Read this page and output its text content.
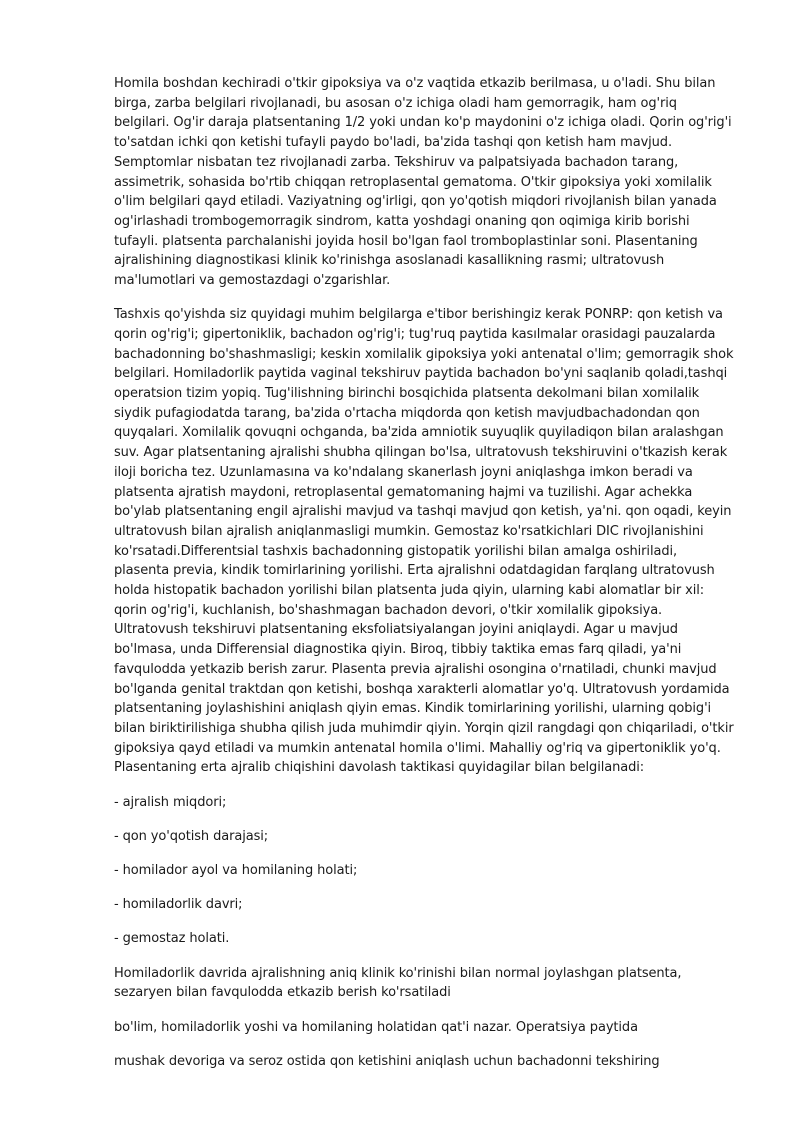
Homila boshdan kechiradi o'tkir gipoksiya va o'z vaqtida etkazib berilmasa, u o'ladi. Shu bilan birga, zarba belgilari rivojlanadi, bu asosan o'z ichiga oladi ham gemorragik, ham og'riq belgilari. Og'ir daraja platsentaning 1/2 yoki undan ko'p maydonini o'z ichiga oladi. Qorin og'rig'i to'satdan ichki qon ketishi tufayli paydo bo'ladi, ba'zida tashqi qon ketish ham mavjud. Semptomlar nisbatan tez rivojlanadi zarba. Tekshiruv va palpatsiyada bachadon tarang, assimetrik, sohasida bo'rtib chiqqan retroplasental gematoma. O'tkir gipoksiya yoki xomilalik o'lim belgilari qayd etiladi. Vaziyatning og'irligi, qon yo'qotish miqdori rivojlanish bilan yanada og'irlashadi trombogemorragik sindrom, katta yoshdagi onaning qon oqimiga kirib borishi tufayli. platsenta parchalanishi joyida hosil bo'lgan faol tromboplastinlar soni. Plasentaning ajralishining diagnostikasi klinik ko'rinishga asoslanadi kasallikning rasmi; ultratovush ma'lumotlari va gemostazdagi o'zgarishlar.

Tashxis qo'yishda siz quyidagi muhim belgilarga e'tibor berishingiz kerak PONRP: qon ketish va qorin og'rig'i; gipertoniklik, bachadon og'rig'i; tug'ruq paytida kasılmalar orasidagi pauzalarda bachadonning bo'shashmasligi; keskin xomilalik gipoksiya yoki antenatal o'lim; gemorragik shok belgilari. Homiladorlik paytida vaginal tekshiruv paytida bachadon bo'yni saqlanib qoladi,tashqi operatsion tizim yopiq. Tug'ilishning birinchi bosqichida platsenta dekolmani bilan xomilalik siydik pufagiodatda tarang, ba'zida o'rtacha miqdorda qon ketish mavjudbachadondan qon quyqalari. Xomilalik qovuqni ochganda, ba'zida amniotik suyuqlik quyiladiqon bilan aralashgan suv. Agar platsentaning ajralishi shubha qilingan bo'lsa, ultratovush tekshiruvini o'tkazish kerak iloji boricha tez. Uzunlamasına va ko'ndalang skanerlash joyni aniqlashga imkon beradi va platsenta ajratish maydoni, retroplasental gematomaning hajmi va tuzilishi. Agar achekka bo'ylab platsentaning engil ajralishi mavjud va tashqi mavjud qon ketish, ya'ni. qon oqadi, keyin ultratovush bilan ajralish aniqlanmasligi mumkin. Gemostaz ko'rsatkichlari DIC rivojlanishini ko'rsatadi.Differentsial tashxis bachadonning gistopatik yorilishi bilan amalga oshiriladi, plasenta previa, kindik tomirlarining yorilishi. Erta ajralishni odatdagidan farqlang ultratovush holda histopatik bachadon yorilishi bilan platsenta juda qiyin, ularning kabi alomatlar bir xil: qorin og'rig'i, kuchlanish, bo'shashmagan bachadon devori, o'tkir xomilalik gipoksiya. Ultratovush tekshiruvi platsentaning eksfoliatsiyalangan joyini aniqlaydi. Agar u mavjud bo'lmasa, unda Differensial diagnostika qiyin. Biroq, tibbiy taktika emas farq qiladi, ya'ni favqulodda yetkazib berish zarur. Plasenta previa ajralishi osongina o'rnatiladi, chunki mavjud bo'lganda genital traktdan qon ketishi, boshqa xarakterli alomatlar yo'q. Ultratovush yordamida platsentaning joylashishini aniqlash qiyin emas. Kindik tomirlarining yorilishi, ularning qobig'i bilan biriktirilishiga shubha qilish juda muhimdir qiyin. Yorqin qizil rangdagi qon chiqariladi, o'tkir gipoksiya qayd etiladi va mumkin antenatal homila o'limi. Mahalliy og'riq va gipertoniklik yo'q. Plasentaning erta ajralib chiqishini davolash taktikasi quyidagilar bilan belgilanadi:

- ajralish miqdori;
- qon yo'qotish darajasi;
- homilador ayol va homilaning holati;
- homiladorlik davri;
- gemostaz holati.

Homiladorlik davrida ajralishning aniq klinik ko'rinishi bilan normal joylashgan platsenta, sezaryen bilan favqulodda etkazib berish ko'rsatiladi

bo'lim, homiladorlik yoshi va homilaning holatidan qat'i nazar. Operatsiya paytida

mushak devoriga va seroz ostida qon ketishini aniqlash uchun bachadonni tekshiring
